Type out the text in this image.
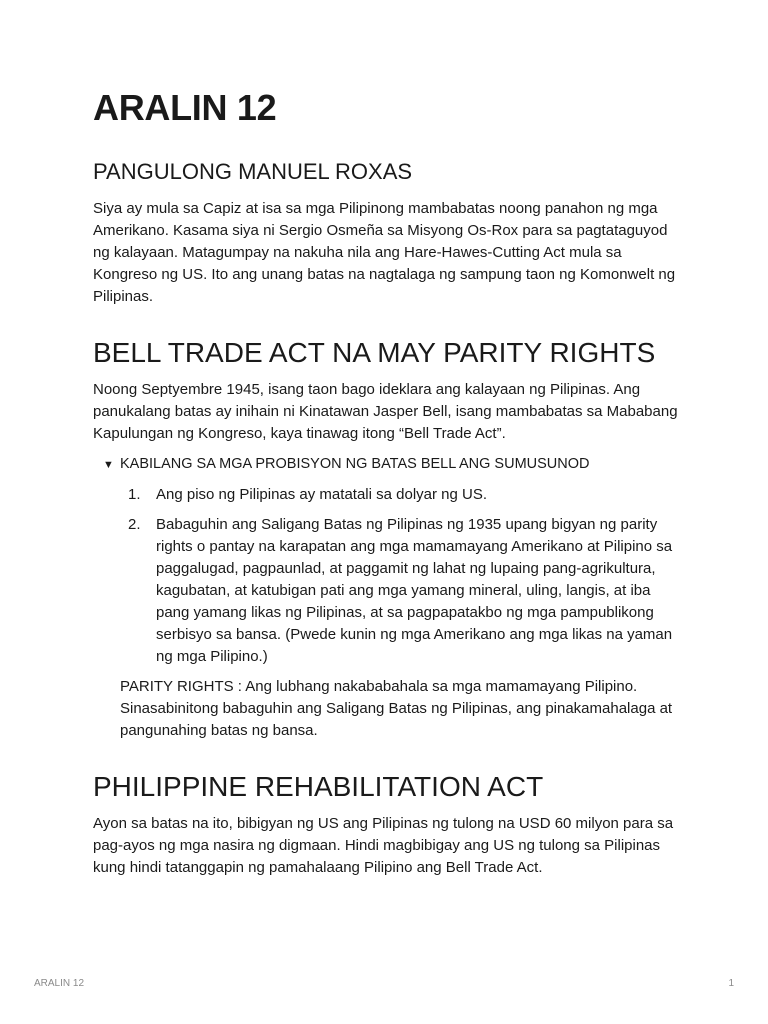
ARALIN 12
PANGULONG MANUEL ROXAS

Siya ay mula sa Capiz at isa sa mga Pilipinong mambabatas noong panahon ng mga Amerikano. Kasama siya ni Sergio Osmeña sa Misyong Os-Rox para sa pagtataguyod ng kalayaan. Matagumpay na nakuha nila ang Hare-Hawes-Cutting Act mula sa Kongreso ng US. Ito ang unang batas na nagtalaga ng sampung taon ng Komonwelt ng Pilipinas.

BELL TRADE ACT NA MAY PARITY RIGHTS

Noong Septyembre 1945, isang taon bago ideklara ang kalayaan ng Pilipinas. Ang panukalang batas ay inihain ni Kinatawan Jasper Bell, isang mambabatas sa Mababang Kapulungan ng Kongreso, kaya tinawag itong “Bell Trade Act”.

▼ KABILANG SA MGA PROBISYON NG BATAS BELL ANG SUMUSUNOD
1.	Ang piso ng Pilipinas ay matatali sa dolyar ng US.
2.	Babaguhin ang Saligang Batas ng Pilipinas ng 1935 upang bigyan ng parity rights o pantay na karapatan ang mga mamamayang Amerikano at Pilipino sa paggalugad, pagpaunlad, at paggamit ng lahat ng lupaing pang-agrikultura, kagubatan, at katubigan pati ang mga yamang mineral, uling, langis, at iba pang yamang likas ng Pilipinas, at sa pagpapatakbo ng mga pampublikong serbisyo sa bansa. (Pwede kunin ng mga Amerikano ang mga likas na yaman ng mga Pilipino.)

PARITY RIGHTS : Ang lubhang nakababahala sa mga mamamayang Pilipino. Sinasabinitong babaguhin ang Saligang Batas ng Pilipinas, ang pinakamahalaga at pangunahing batas ng bansa.

PHILIPPINE REHABILITATION ACT

Ayon sa batas na ito, bibigyan ng US ang Pilipinas ng tulong na USD 60 milyon para sa pag-ayos ng mga nasira ng digmaan. Hindi magbibigay ang US ng tulong sa Pilipinas kung hindi tatanggapin ng pamahalaang Pilipino ang Bell Trade Act.

ARALIN 12	1
